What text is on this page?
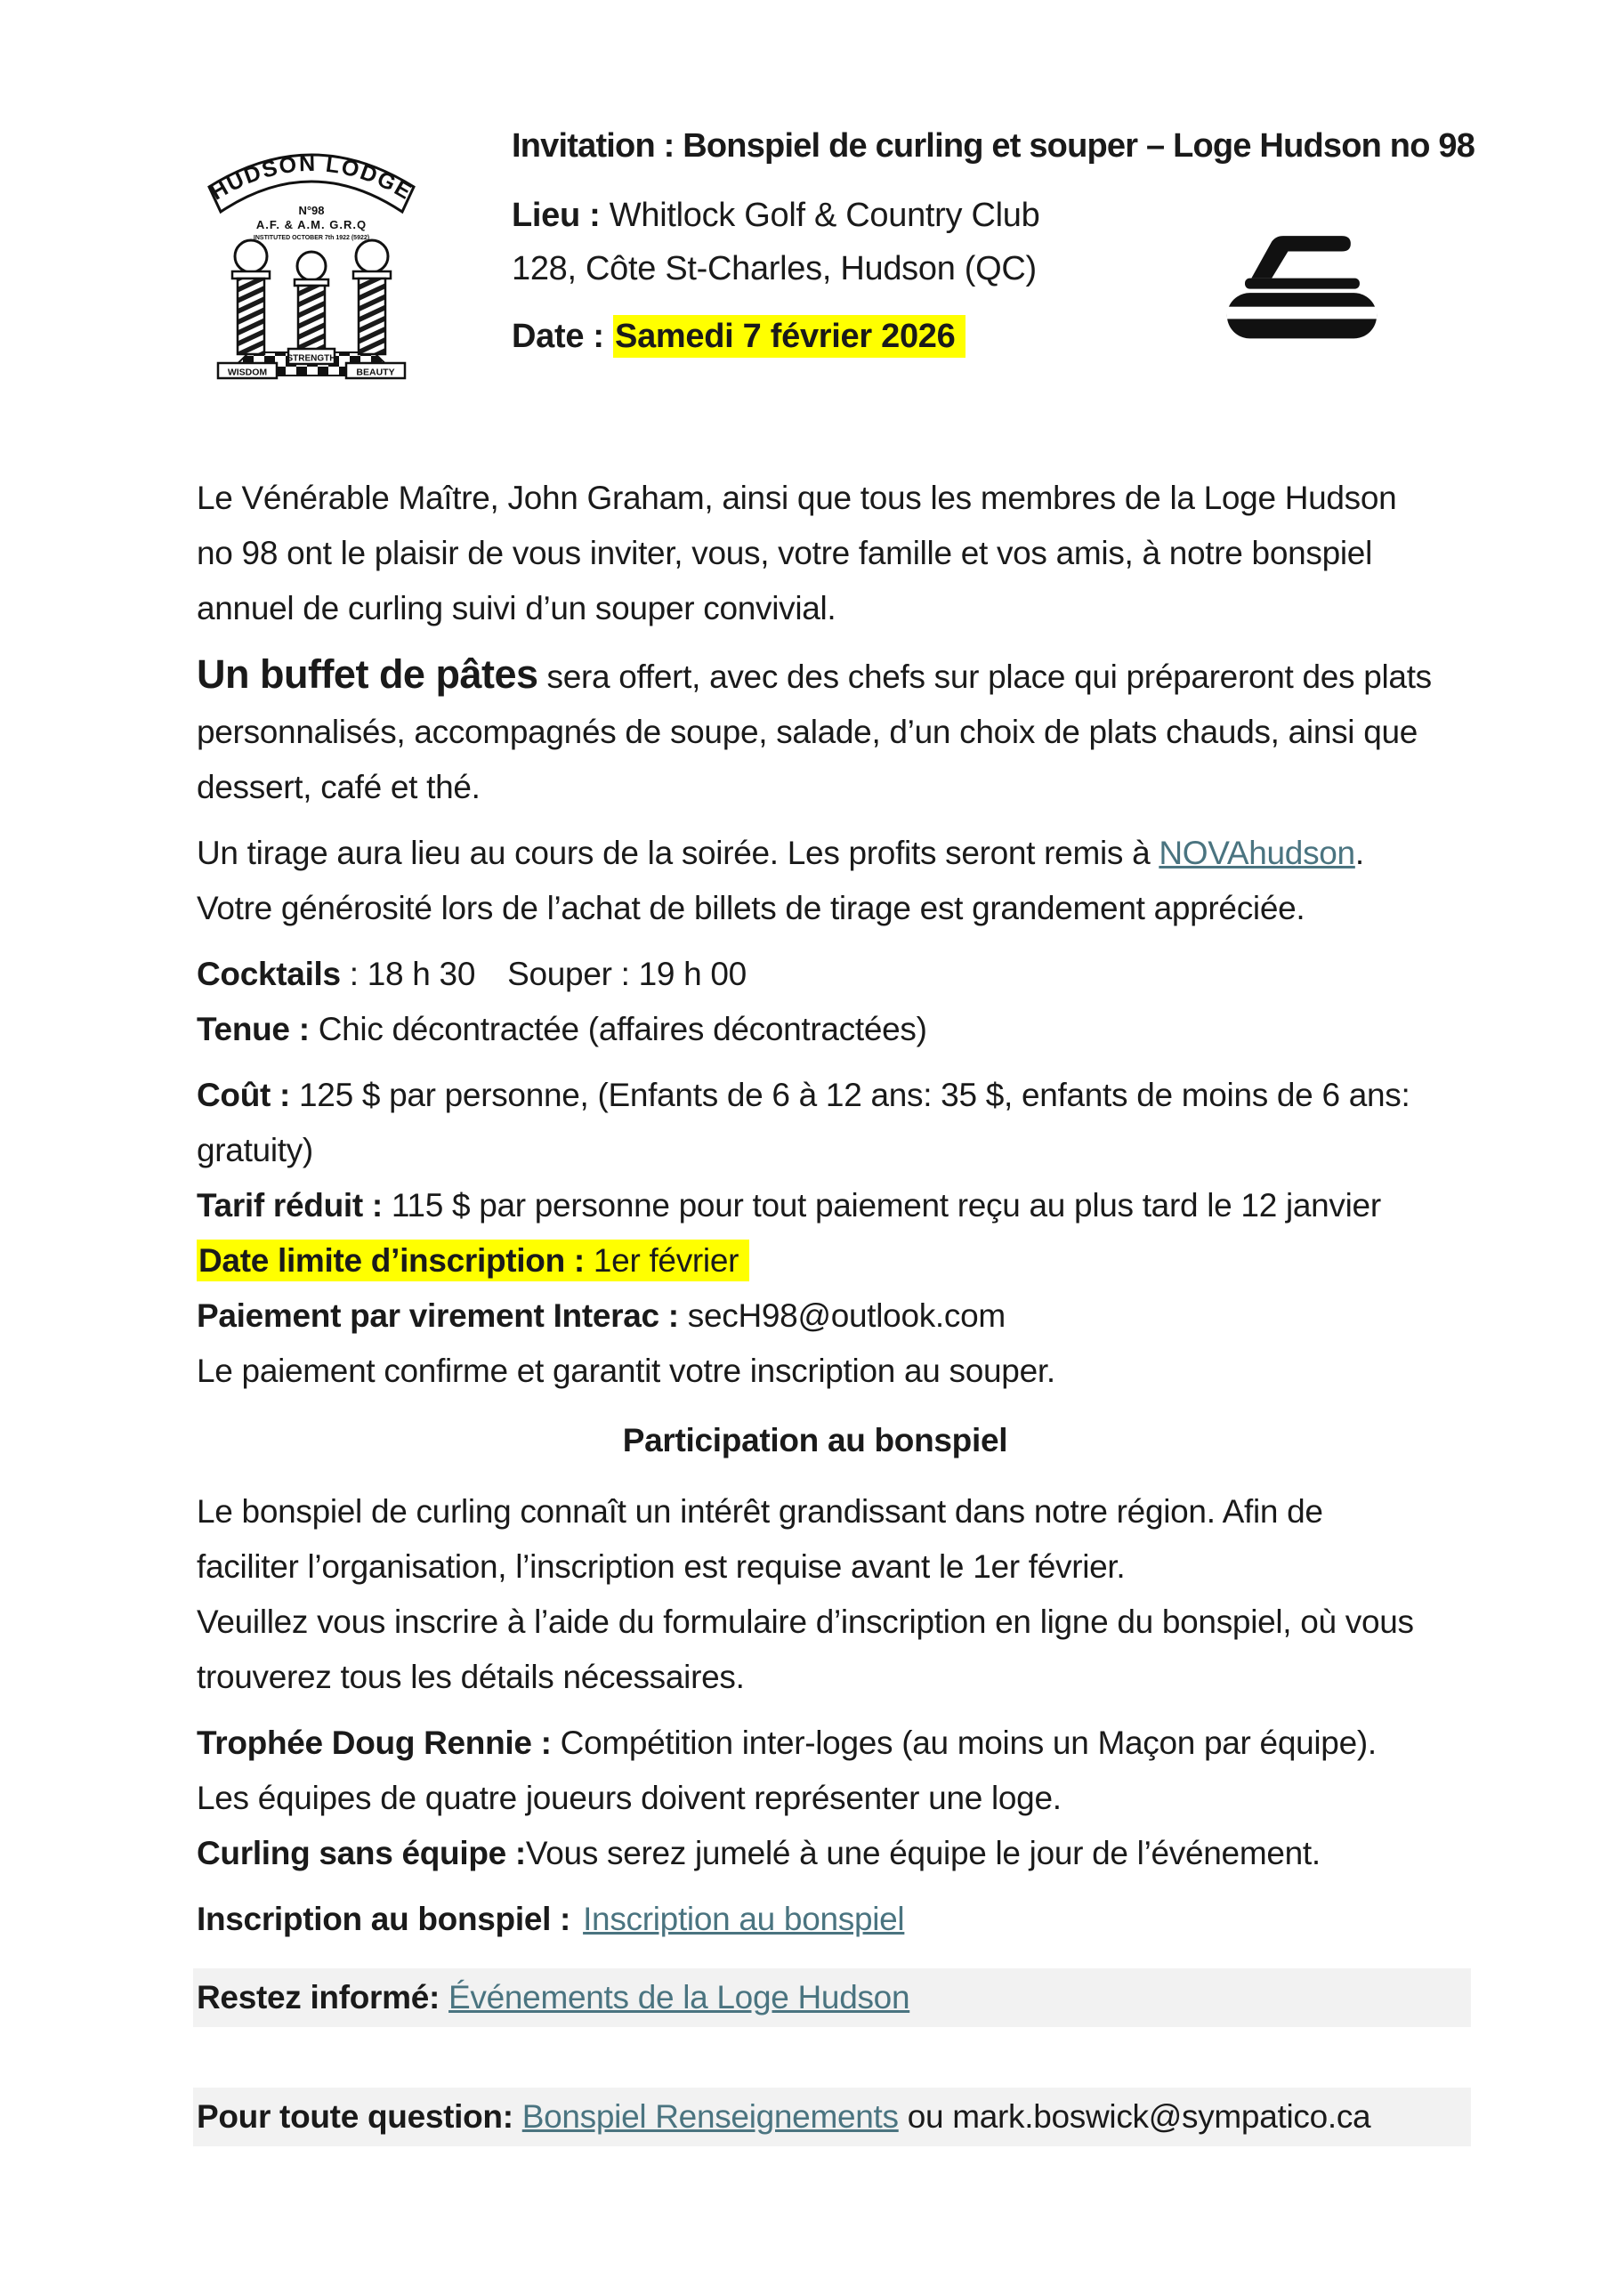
HUDSON LODGE
N°98
A.F. & A.M. G.R.Q
INSTITUTED OCTOBER 7th 1922 (5922)
STRENGTH
WISDOM	BEAUTY
Invitation : Bonspiel de curling et souper – Loge Hudson no 98
Lieu : Whitlock Golf & Country Club
128, Côte St-Charles, Hudson (QC)
Date : Samedi 7 février 2026

Le Vénérable Maître, John Graham, ainsi que tous les membres de la Loge Hudson no 98 ont le plaisir de vous inviter, vous, votre famille et vos amis, à notre bonspiel annuel de curling suivi d’un souper convivial.

Un buffet de pâtes sera offert, avec des chefs sur place qui prépareront des plats personnalisés, accompagnés de soupe, salade, d’un choix de plats chauds, ainsi que dessert, café et thé.

Un tirage aura lieu au cours de la soirée. Les profits seront remis à NOVAhudson. Votre générosité lors de l’achat de billets de tirage est grandement appréciée.

Cocktails : 18 h 30 Souper : 19 h 00
Tenue : Chic décontractée (affaires décontractées)
Coût : 125 $ par personne, (Enfants de 6 à 12 ans: 35 $, enfants de moins de 6 ans: gratuity)
Tarif réduit : 115 $ par personne pour tout paiement reçu au plus tard le 12 janvier
Date limite d’inscription : 1er février
Paiement par virement Interac : secH98@outlook.com
Le paiement confirme et garantit votre inscription au souper.

Participation au bonspiel

Le bonspiel de curling connaît un intérêt grandissant dans notre région. Afin de faciliter l’organisation, l’inscription est requise avant le 1er février.
Veuillez vous inscrire à l’aide du formulaire d’inscription en ligne du bonspiel, où vous trouverez tous les détails nécessaires.
Trophée Doug Rennie : Compétition inter-loges (au moins un Maçon par équipe). Les équipes de quatre joueurs doivent représenter une loge.
Curling sans équipe :Vous serez jumelé à une équipe le jour de l’événement.

Inscription au bonspiel : Inscription au bonspiel

Restez informé: Événements de la Loge Hudson
Pour toute question: Bonspiel Renseignements ou mark.boswick@sympatico.ca
